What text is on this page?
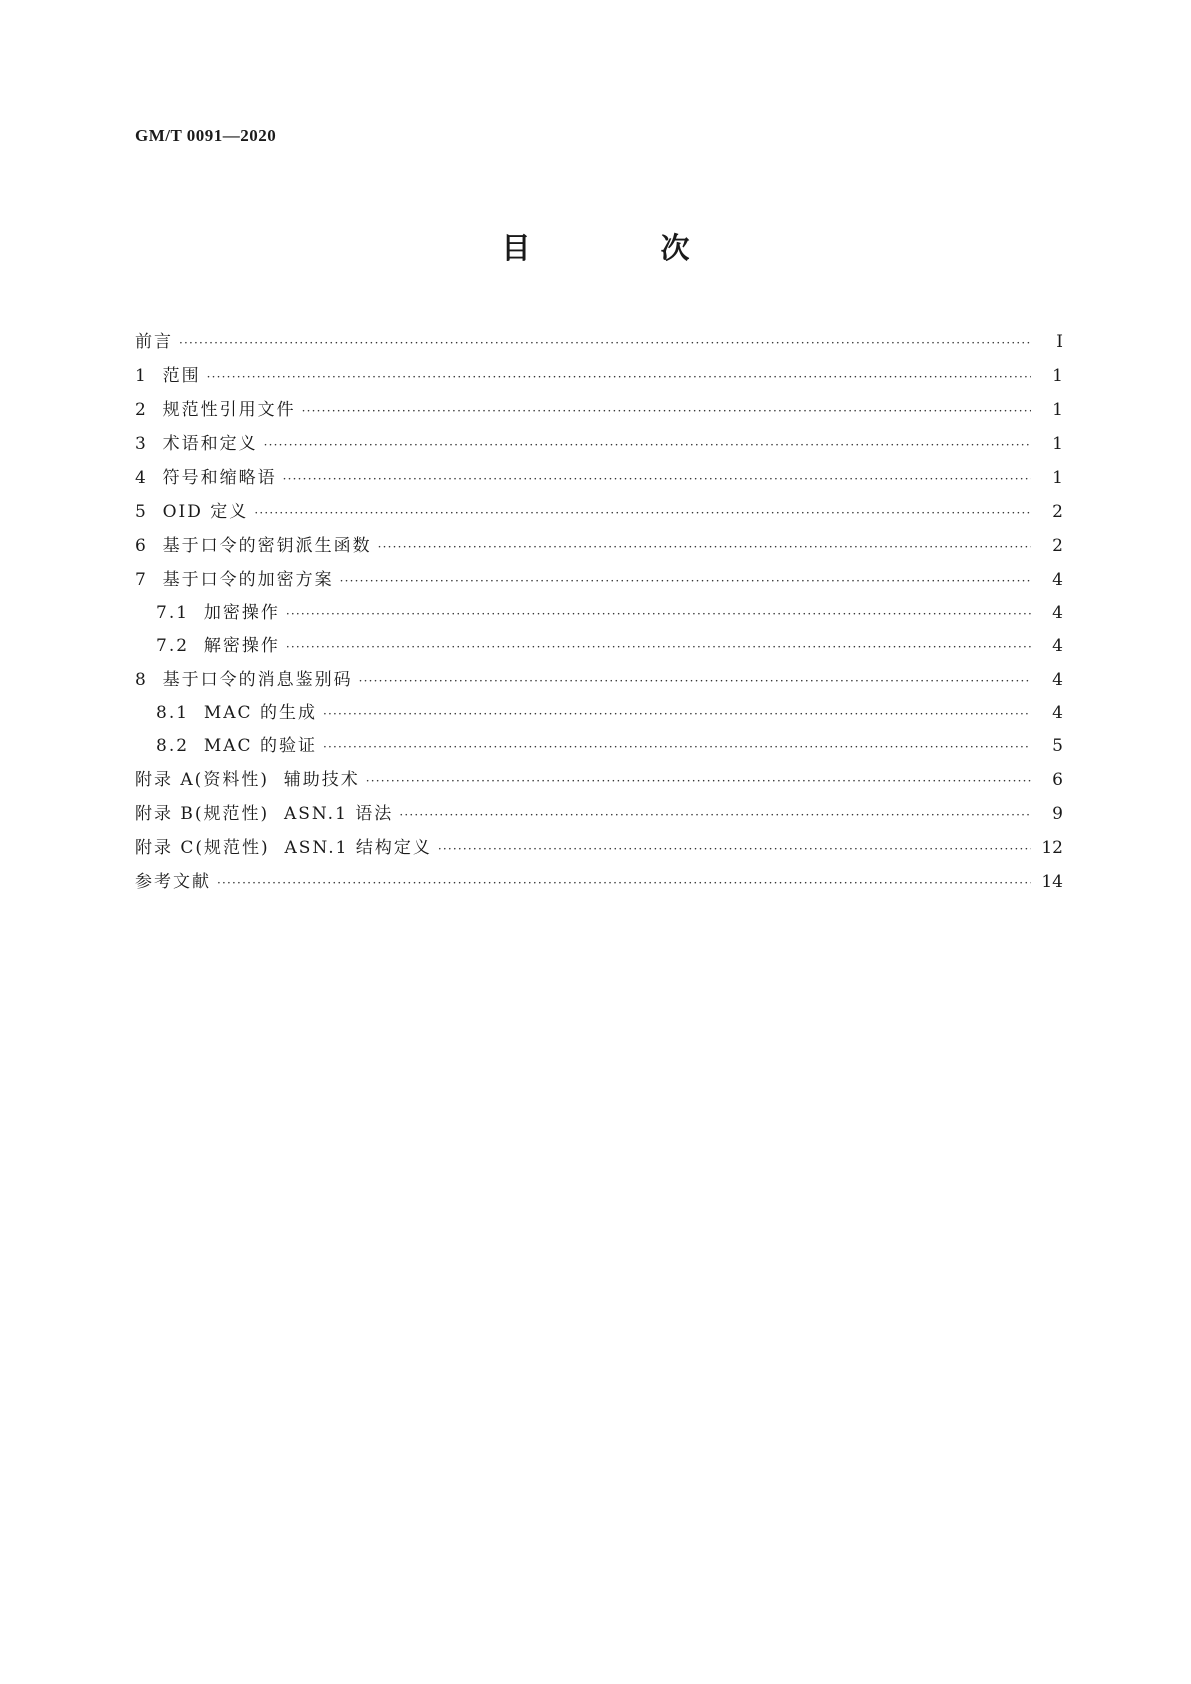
GM/T 0091—2020
目 次
前言 ·····	Ⅰ
1  范围 ·····	1
2  规范性引用文件 ·····	1
3  术语和定义 ·····	1
4  符号和缩略语 ·····	1
5  OID 定义 ·····	2
6  基于口令的密钥派生函数 ·····	2
7  基于口令的加密方案 ·····	4
7.1  加密操作 ·····	4
7.2  解密操作 ·····	4
8  基于口令的消息鉴别码 ·····	4
8.1  MAC 的生成 ·····	4
8.2  MAC 的验证 ·····	5
附录 A(资料性)  辅助技术 ·····	6
附录 B(规范性)  ASN.1 语法 ·····	9
附录 C(规范性)  ASN.1 结构定义 ·····	12
参考文献 ·····	14
